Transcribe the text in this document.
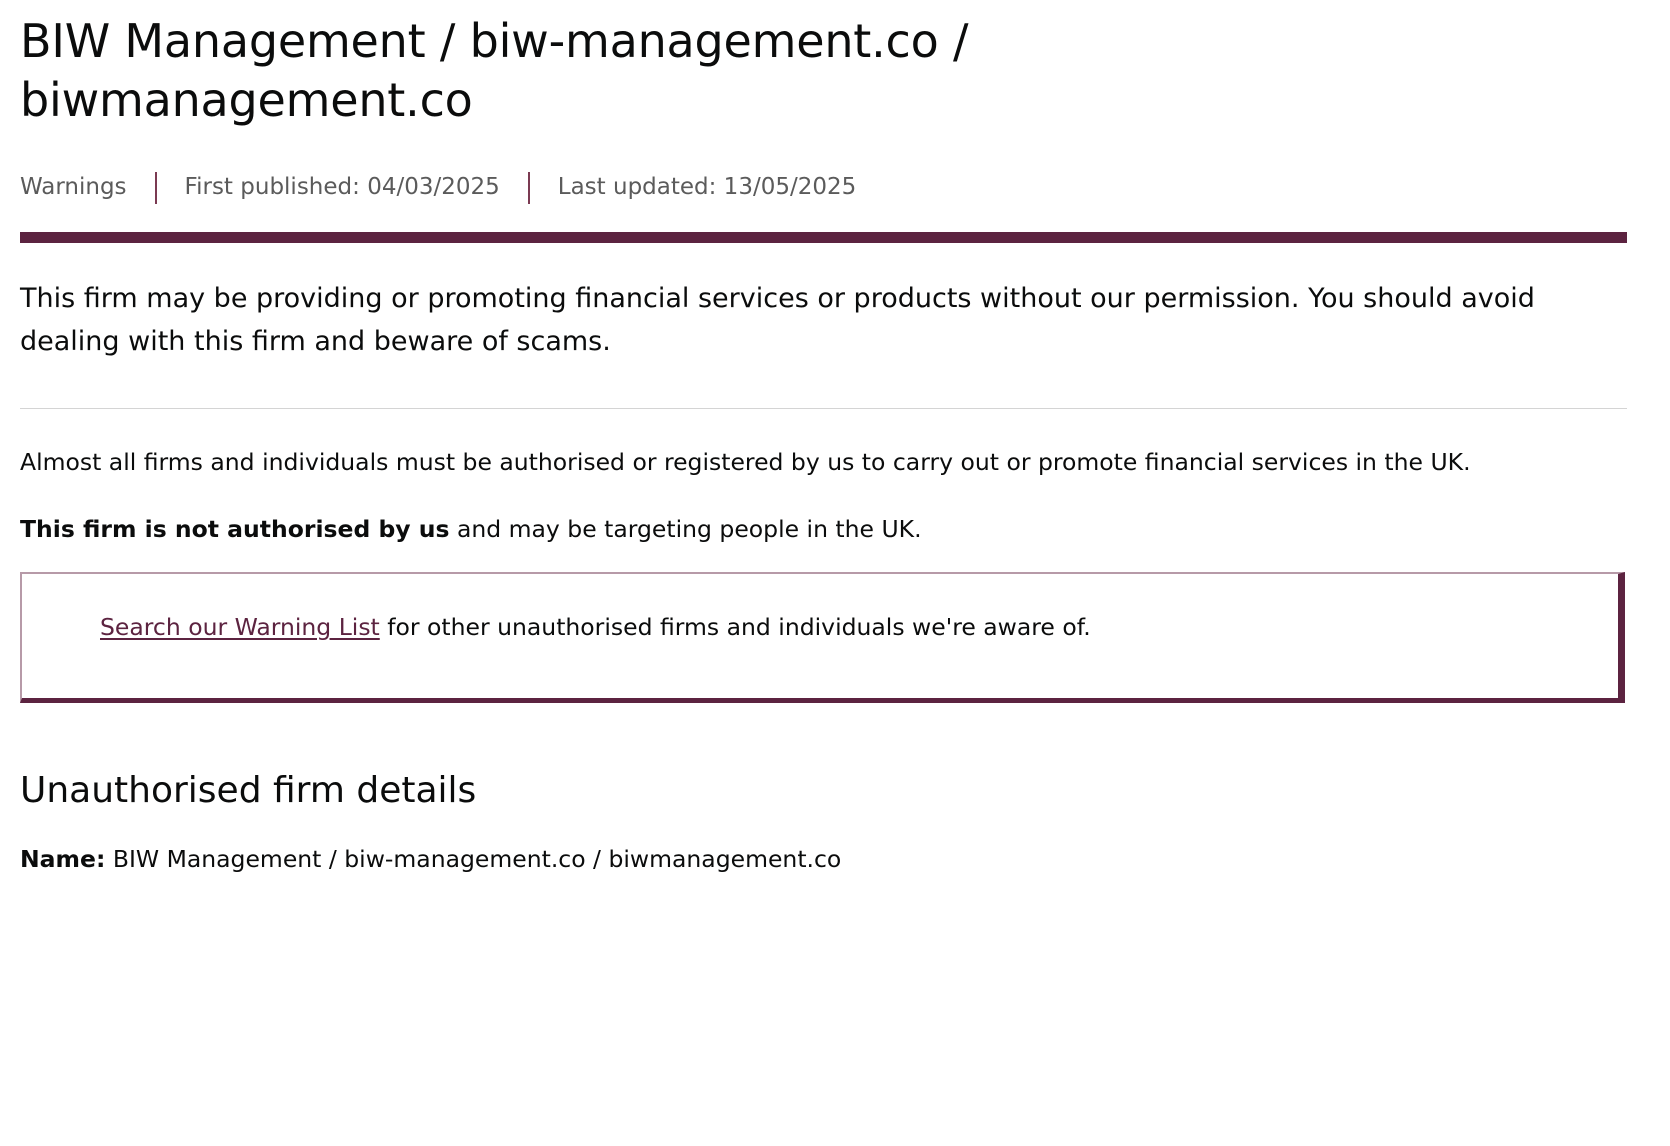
BIW Management / biw-management.co / biwmanagement.co
Warnings	First published: 04/03/2025	Last updated: 13/05/2025

This firm may be providing or promoting financial services or products without our permission. You should avoid dealing with this firm and beware of scams.

Almost all firms and individuals must be authorised or registered by us to carry out or promote financial services in the UK.

This firm is not authorised by us and may be targeting people in the UK.

Search our Warning List for other unauthorised firms and individuals we're aware of.
Unauthorised firm details

Name: BIW Management / biw-management.co / biwmanagement.co
